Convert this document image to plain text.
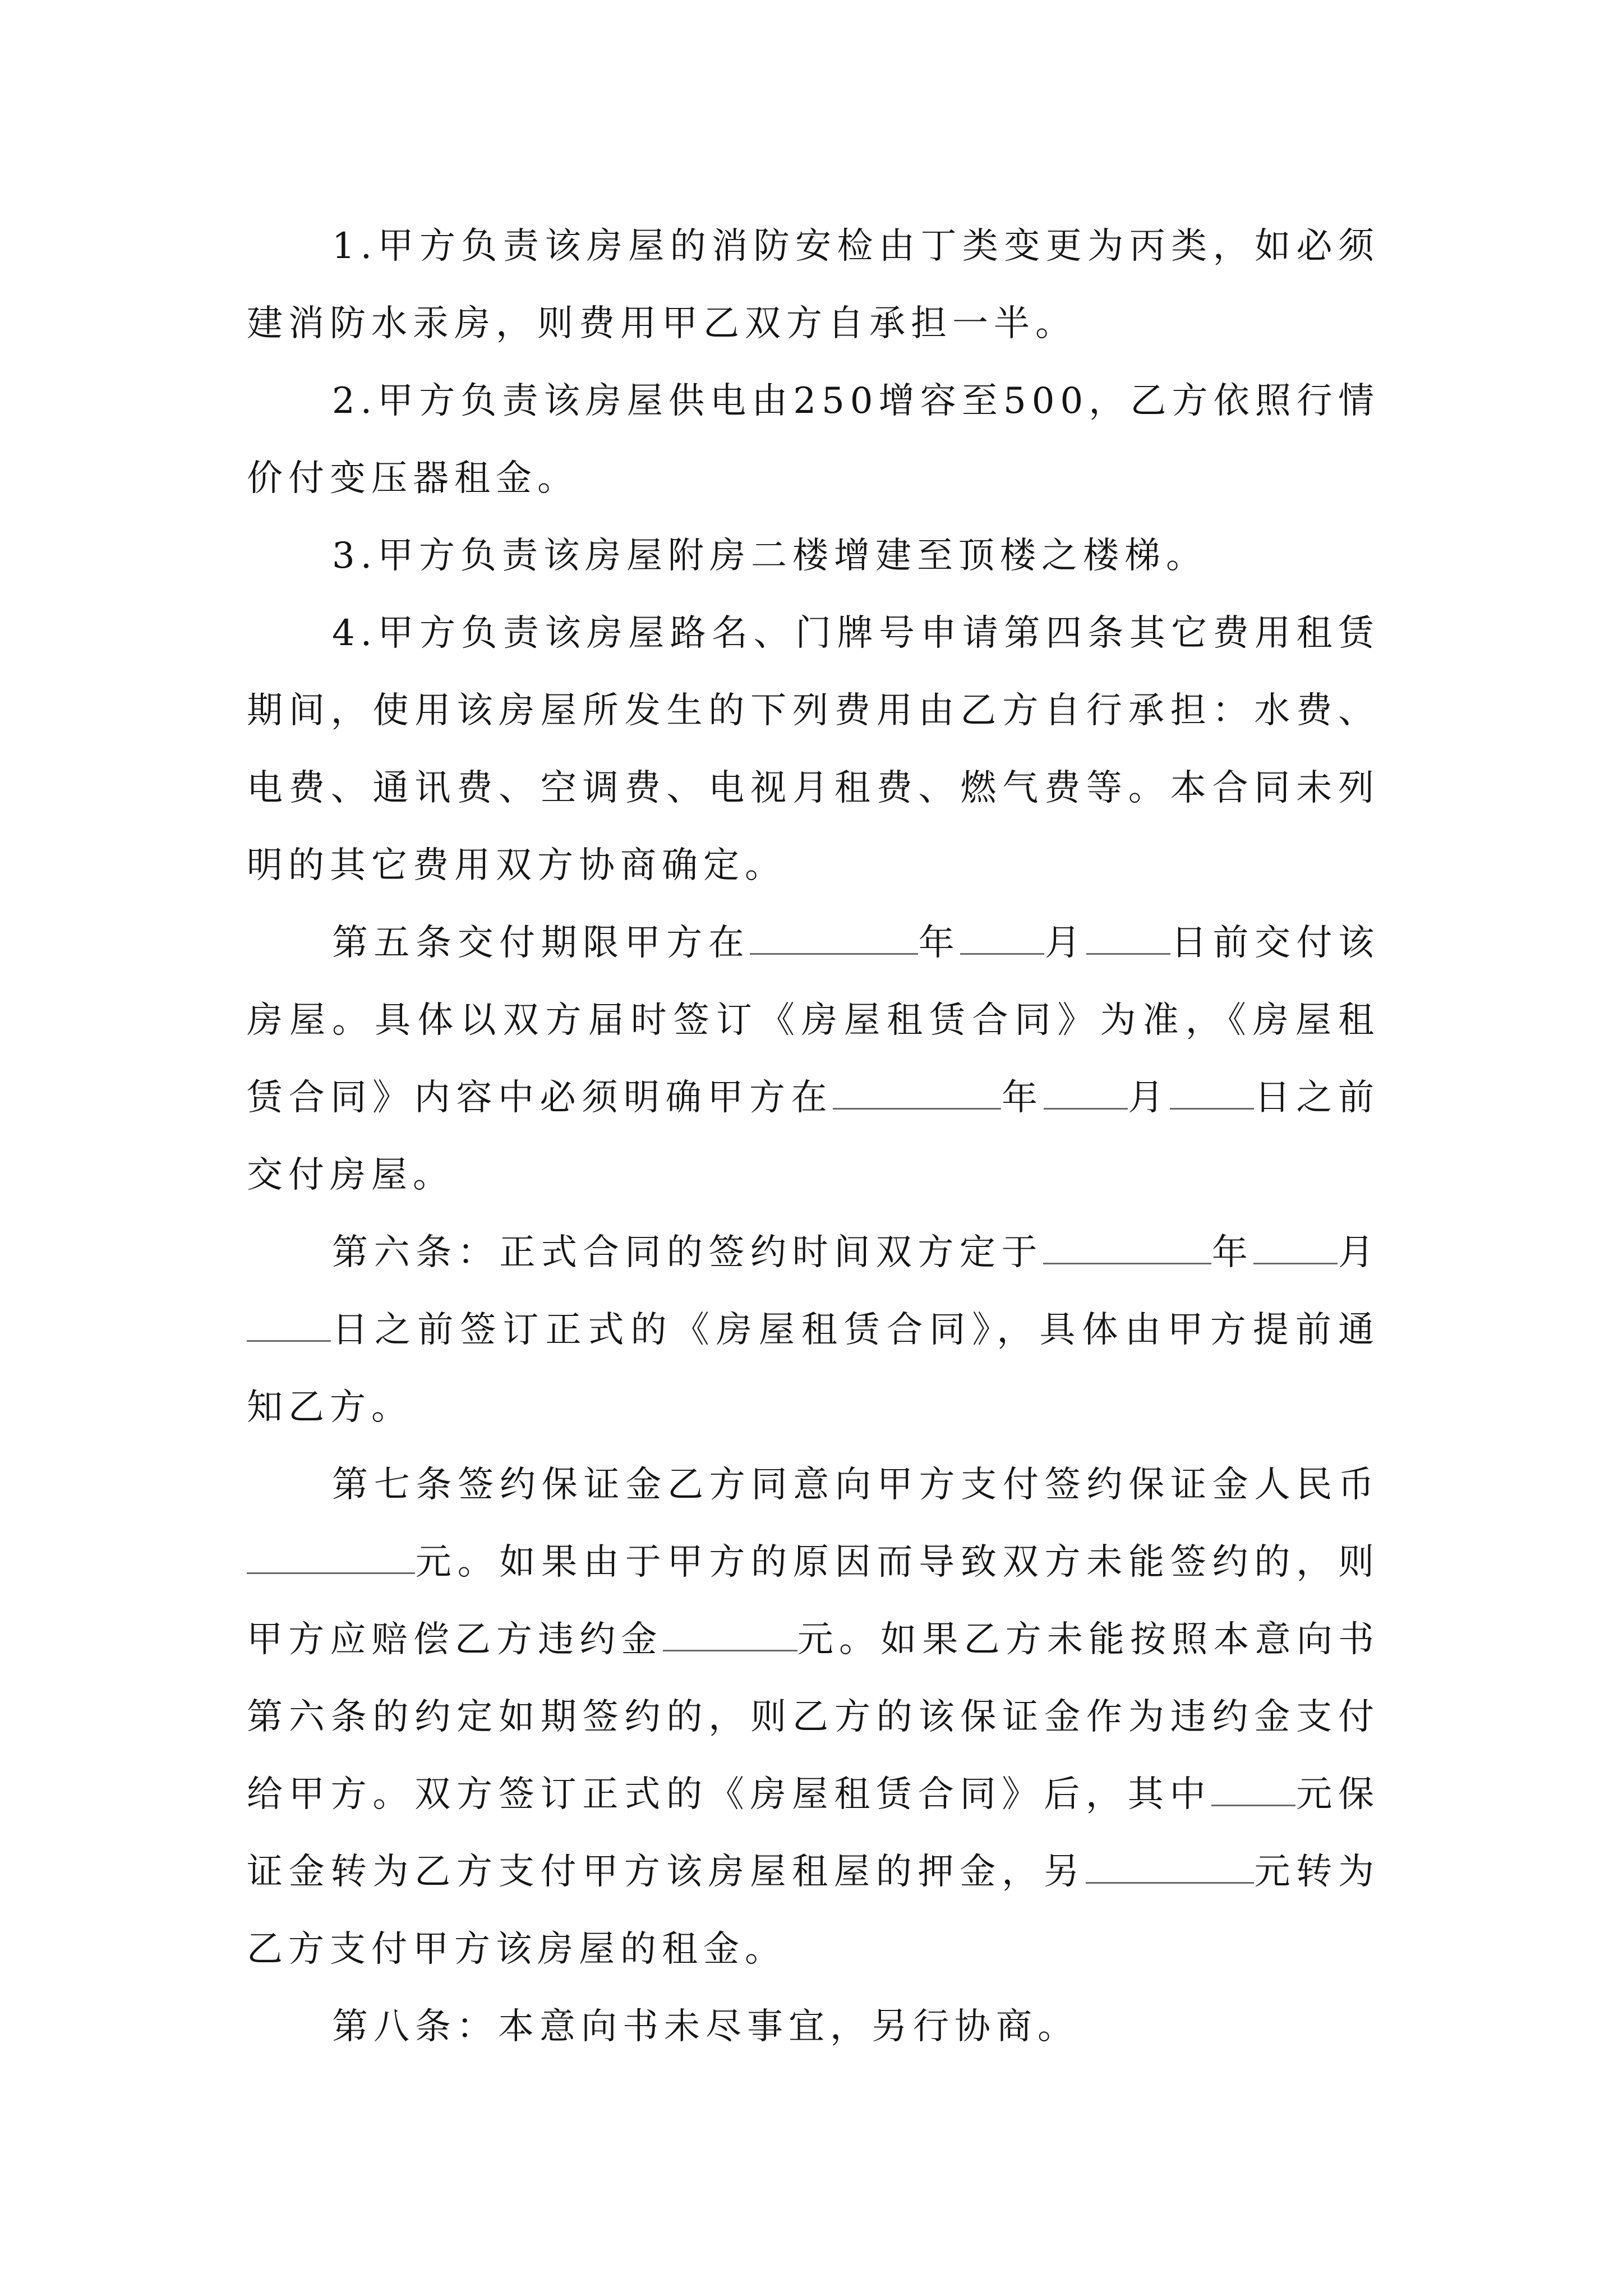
1.甲方负责该房屋的消防安检由丁类变更为丙类，如必须建消防水汞房，则费用甲乙双方自承担一半。

2.甲方负责该房屋供电由250增容至500，乙方依照行情价付变压器租金。

3.甲方负责该房屋附房二楼增建至顶楼之楼梯。

4.甲方负责该房屋路名、门牌号申请第四条其它费用租赁期间，使用该房屋所发生的下列费用由乙方自行承担：水费、电费、通讯费、空调费、电视月租费、燃气费等。本合同未列明的其它费用双方协商确定。

第五条交付期限甲方在	年 月 日前交付该房屋。具体以双方届时签订《房屋租赁合同》为准，《房屋租赁合同》内容中必须明确甲方在	年 月 日之前交付房屋。

第六条：正式合同的签约时间双方定于	年 月日之前签订正式的《房屋租赁合同》，具体由甲方提前通知乙方。

第七条签约保证金乙方同意向甲方支付签约保证金人民币元。如果由于甲方的原因而导致双方未能签约的，则甲方应赔偿乙方违约金	元。如果乙方未能按照本意向书第六条的约定如期签约的，则乙方的该保证金作为违约金支付给甲方。双方签订正式的《房屋租赁合同》后，其中 元保证金转为乙方支付甲方该房屋租屋的押金，另	元转为乙方支付甲方该房屋的租金。

第八条：本意向书未尽事宜，另行协商。
